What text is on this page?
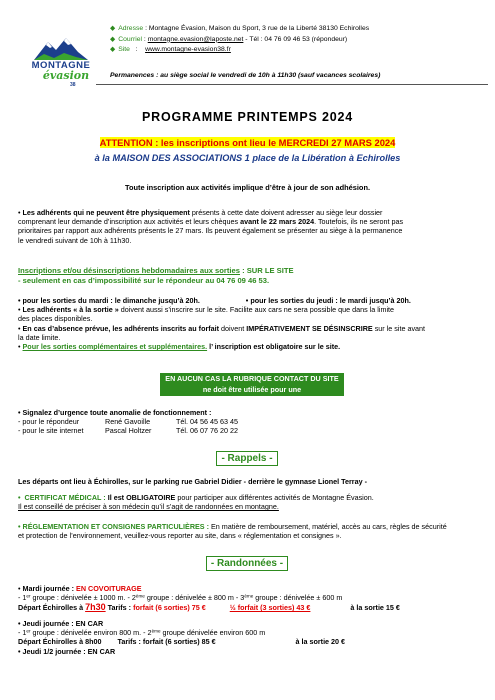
MONTAGNE
évasion
38
◆ Adresse : Montagne Évasion, Maison du Sport, 3 rue de la Liberté 38130 Echirolles
◆ Courriel : montagne.evasion@laposte.net - Tél : 04 76 09 46 53 (répondeur)
◆ Site : www.montagne-evasion38.fr
Permanences : au siège social le vendredi de 10h à 11h30 (sauf vacances scolaires)
PROGRAMME PRINTEMPS 2024
ATTENTION : les inscriptions ont lieu le MERCREDI 27 MARS 2024
à la MAISON DES ASSOCIATIONS 1 place de la Libération à Echirolles
Toute inscription aux activités implique d’être à jour de son adhésion.
• Les adhérents qui ne peuvent être physiquement présents à cette date doivent adresser au siège leur dossier
comprenant leur demande d’inscription aux activités et leurs chèques avant le 22 mars 2024. Toutefois, ils ne seront pas
prioritaires par rapport aux adhérents présents le 27 mars. Ils peuvent également se présenter au siège à la permanence
le vendredi suivant de 10h à 11h30.
Inscriptions et/ou désinscriptions hebdomadaires aux sorties : SUR LE SITE
- seulement en cas d’impossibilité sur le répondeur au 04 76 09 46 53.
• pour les sorties du mardi : le dimanche jusqu’à 20h.                       • pour les sorties du jeudi : le mardi jusqu’à 20h.
• Les adhérents « à la sortie » doivent aussi s’inscrire sur le site. Facilite aux cars ne sera possible que dans la limite
des places disponibles.
• En cas d’absence prévue, les adhérents inscrits au forfait doivent IMPÉRATIVEMENT SE DÉSINSCRIRE sur le site avant
la date limite.
• Pour les sorties complémentaires et supplémentaires. l’ inscription est obligatoire sur le site.
EN AUCUN CAS LA RUBRIQUE CONTACT DU SITE
ne doit être utilisée pour une inscription/désinscription.
• Signalez d’urgence toute anomalie de fonctionnement :
- pour le répondeur	René Gavoille	Tél. 04 56 45 63 45
- pour le site internet	Pascal Holtzer	Tél. 06 07 76 20 22
- Rappels -
Les départs ont lieu à Échirolles, sur le parking rue Gabriel Didier - derrière le gymnase Lionel Terray -
•  CERTIFICAT MÉDICAL : Il est OBLIGATOIRE pour participer aux différentes activités de Montagne Évasion.
Il est conseillé de préciser à son médecin qu’il s’agit de randonnées en montagne.
• RÉGLEMENTATION ET CONSIGNES PARTICULIÈRES : En matière de remboursement, matériel, accès au cars, règles de sécurité
et protection de l’environnement, veuillez-vous reporter au site, dans « réglementation et consignes ».
- Randonnées -
• Mardi journée : EN COVOITURAGE
- 1er groupe : dénivelée ± 1000 m. - 2ème groupe : dénivelée ± 800 m - 3ème groupe : dénivelée ± 600 m
Départ Échirolles à 7h30 Tarifs : forfait (6 sorties) 75 €	½ forfait (3 sorties) 43 €	à la sortie 15 €
• Jeudi journée : EN CAR
- 1er groupe : dénivelée environ 800 m. - 2ème groupe dénivelée environ 600 m
Départ Échirolles à 8h00 Tarifs : forfait (6 sorties) 85 €	à la sortie 20 €
• Jeudi 1/2 journée : EN CAR
